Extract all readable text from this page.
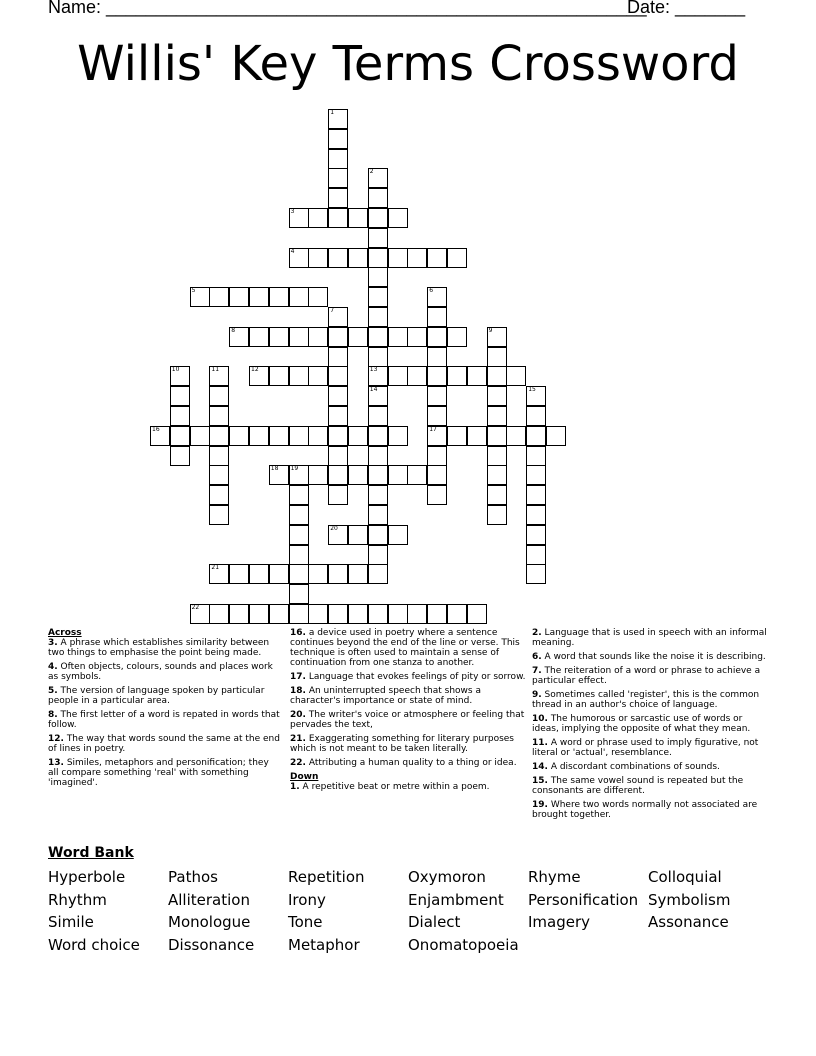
Name: ______________________________________________________
Date: _______
Willis' Key Terms Crossword
3
4
5
8
12	13
16	17
18 19
20
21
22
1
2
6
7
9
10	11
14	15
Across
3. A phrase which establishes similarity between two things to emphasise the point being made.
4. Often objects, colours, sounds and places work as symbols.
5. The version of language spoken by particular people in a particular area.
8. The first letter of a word is repated in words that follow.
12. The way that words sound the same at the end of lines in poetry.
13. Similes, metaphors and personification; they all compare something 'real' with something 'imagined'.
16. a device used in poetry where a sentence continues beyond the end of the line or verse. This technique is often used to maintain a sense of continuation from one stanza to another.
17. Language that evokes feelings of pity or sorrow.
18. An uninterrupted speech that shows a character's importance or state of mind.
20. The writer's voice or atmosphere or feeling that pervades the text,
21. Exaggerating something for literary purposes which is not meant to be taken literally.
22. Attributing a human quality to a thing or idea.
Down
1. A repetitive beat or metre within a poem.
2. Language that is used in speech with an informal meaning.
6. A word that sounds like the noise it is describing.
7. The reiteration of a word or phrase to achieve a particular effect.
9. Sometimes called 'register', this is the common thread in an author's choice of language.
10. The humorous or sarcastic use of words or ideas, implying the opposite of what they mean.
11. A word or phrase used to imply figurative, not literal or 'actual', resemblance.
14. A discordant combinations of sounds.
15. The same vowel sound is repeated but the consonants are different.
19. Where two words normally not associated are brought together.
Word Bank
Hyperbole	Pathos	Repetition	Oxymoron	Rhyme	Colloquial
Rhythm	Alliteration	Irony	Enjambment	Personification Symbolism
Simile	Monologue	Tone	Dialect	Imagery	Assonance
Word choice	Dissonance	Metaphor	Onomatopoeia
